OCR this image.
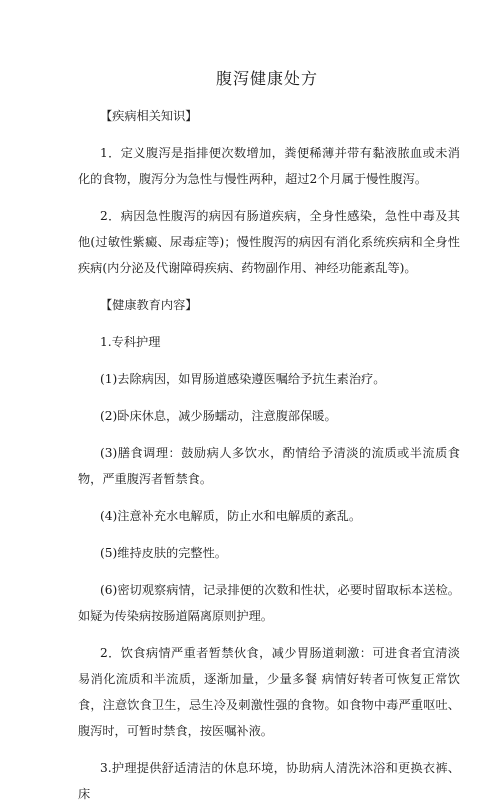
腹泻健康处方

【疾病相关知识】

1．定义腹泻是指排便次数增加，粪便稀薄并带有黏液脓血或未消化的食物，腹泻分为急性与慢性两种，超过2个月属于慢性腹泻。

2．病因急性腹泻的病因有肠道疾病，全身性感染，急性中毒及其他(过敏性紫癜、尿毒症等)；慢性腹泻的病因有消化系统疾病和全身性疾病(内分泌及代谢障碍疾病、药物副作用、神经功能紊乱等)。

【健康教育内容】

1.专科护理

(1)去除病因，如胃肠道感染遵医嘱给予抗生素治疗。

(2)卧床休息，减少肠蠕动，注意腹部保暖。

(3)膳食调理：鼓励病人多饮水，酌情给予清淡的流质或半流质食物，严重腹泻者暂禁食。

(4)注意补充水电解质，防止水和电解质的紊乱。

(5)维持皮肤的完整性。

(6)密切观察病情，记录排便的次数和性状，必要时留取标本送检。如疑为传染病按肠道隔离原则护理。

2．饮食病情严重者暂禁伙食，减少胃肠道刺激：可进食者宜清淡易消化流质和半流质，逐渐加量，少量多餐 病情好转者可恢复正常饮食，注意饮食卫生，忌生冷及刺激性强的食物。如食物中毒严重呕吐、腹泻时，可暂时禁食，按医嘱补液。

3.护理提供舒适清洁的休息环境，协助病人清洗沐浴和更换衣裤、床
